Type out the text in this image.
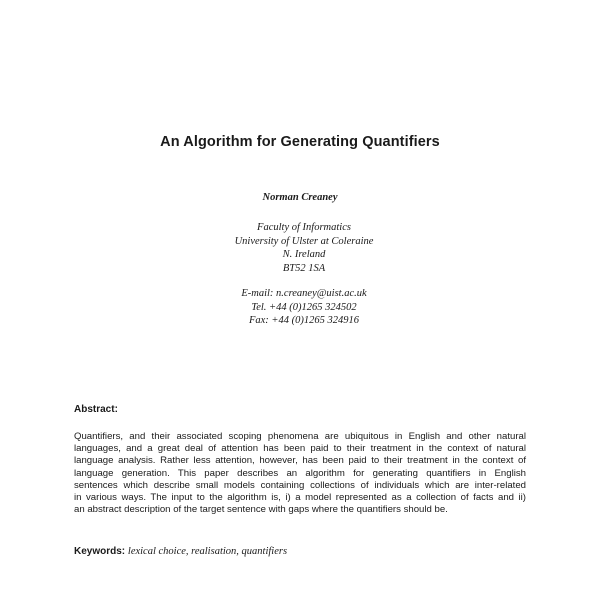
An Algorithm for Generating Quantifiers
Norman Creaney
Faculty of Informatics
University of Ulster at Coleraine
N. Ireland
BT52 1SA
E-mail: n.creaney@uist.ac.uk
Tel. +44 (0)1265 324502
Fax: +44 (0)1265 324916
Abstract:
Quantifiers, and their associated scoping phenomena are ubiquitous in English and other natural
languages, and a great deal of attention has been paid to their treatment in the context of natural
language analysis. Rather less attention, however, has been paid to their treatment in the context of
language generation. This paper describes an algorithm for generating quantifiers in English
sentences which describe small models containing collections of individuals which are inter-related
in various ways. The input to the algorithm is, i) a model represented as a collection of facts and ii)
an abstract description of the target sentence with gaps where the quantifiers should be.
Keywords: lexical choice, realisation, quantifiers
